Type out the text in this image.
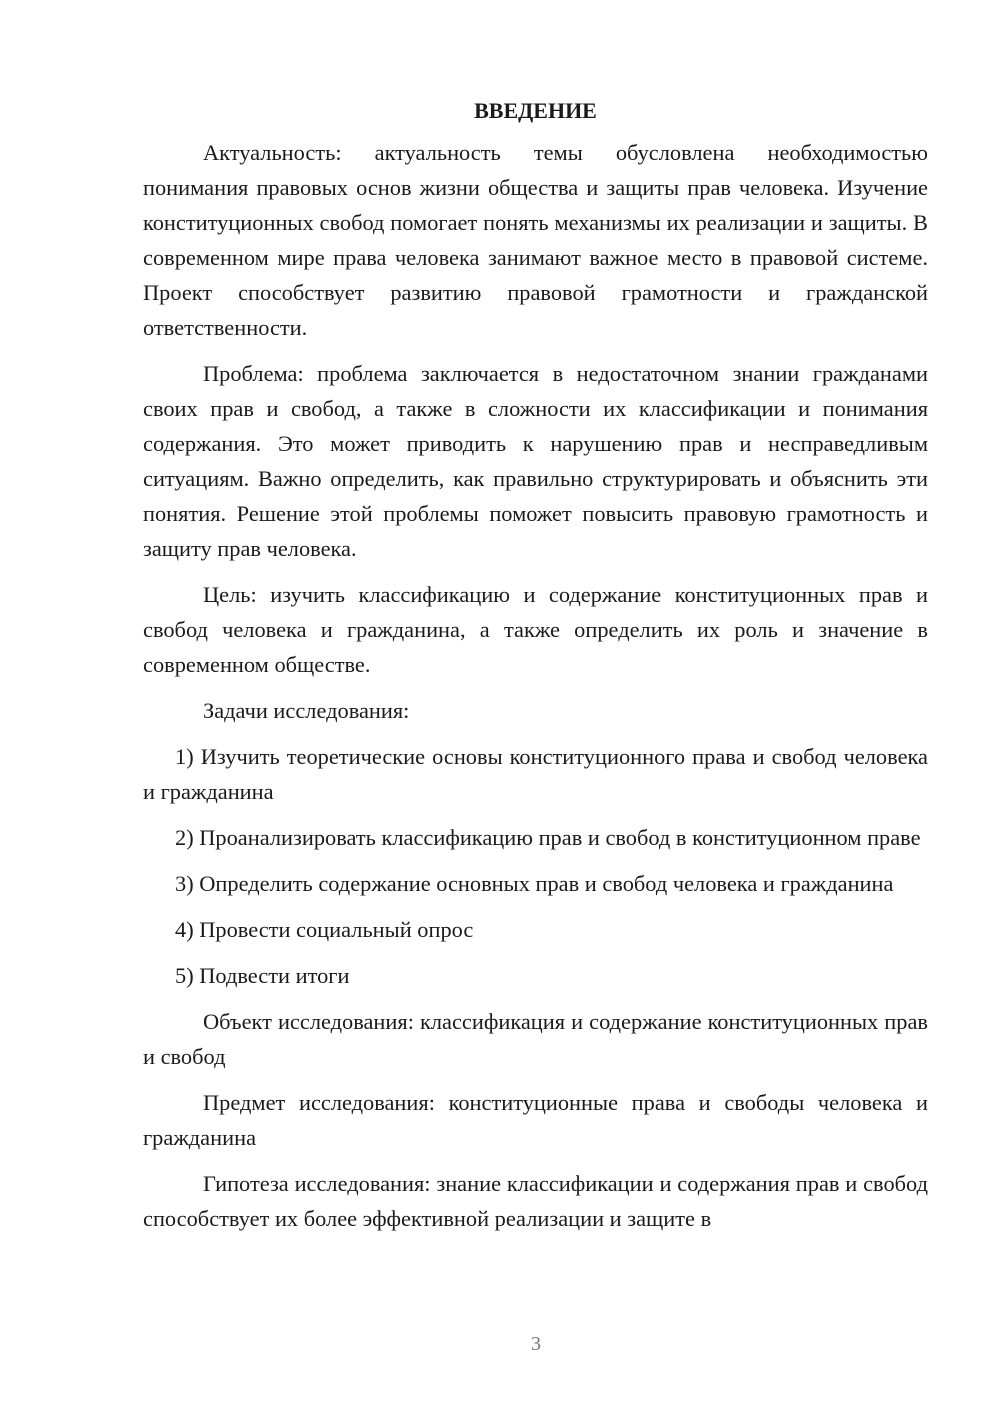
ВВЕДЕНИЕ

Актуальность: актуальность темы обусловлена необходимостью понимания правовых основ жизни общества и защиты прав человека. Изучение конституционных свобод помогает понять механизмы их реализации и защиты. В современном мире права человека занимают важное место в правовой системе. Проект способствует развитию правовой грамотности и гражданской ответственности.

Проблема: проблема заключается в недостаточном знании гражданами своих прав и свобод, а также в сложности их классификации и понимания содержания. Это может приводить к нарушению прав и несправедливым ситуациям. Важно определить, как правильно структурировать и объяснить эти понятия. Решение этой проблемы поможет повысить правовую грамотность и защиту прав человека.

Цель: изучить классификацию и содержание конституционных прав и свобод человека и гражданина, а также определить их роль и значение в современном обществе.

Задачи исследования:

1) Изучить теоретические основы конституционного права и свобод человека и гражданина

2) Проанализировать классификацию прав и свобод в конституционном праве

3) Определить содержание основных прав и свобод человека и гражданина

4) Провести социальный опрос

5) Подвести итоги

Объект исследования: классификация и содержание конституционных прав и свобод

Предмет исследования: конституционные права и свободы человека и гражданина

Гипотеза исследования: знание классификации и содержания прав и свобод способствует их более эффективной реализации и защите в

3
